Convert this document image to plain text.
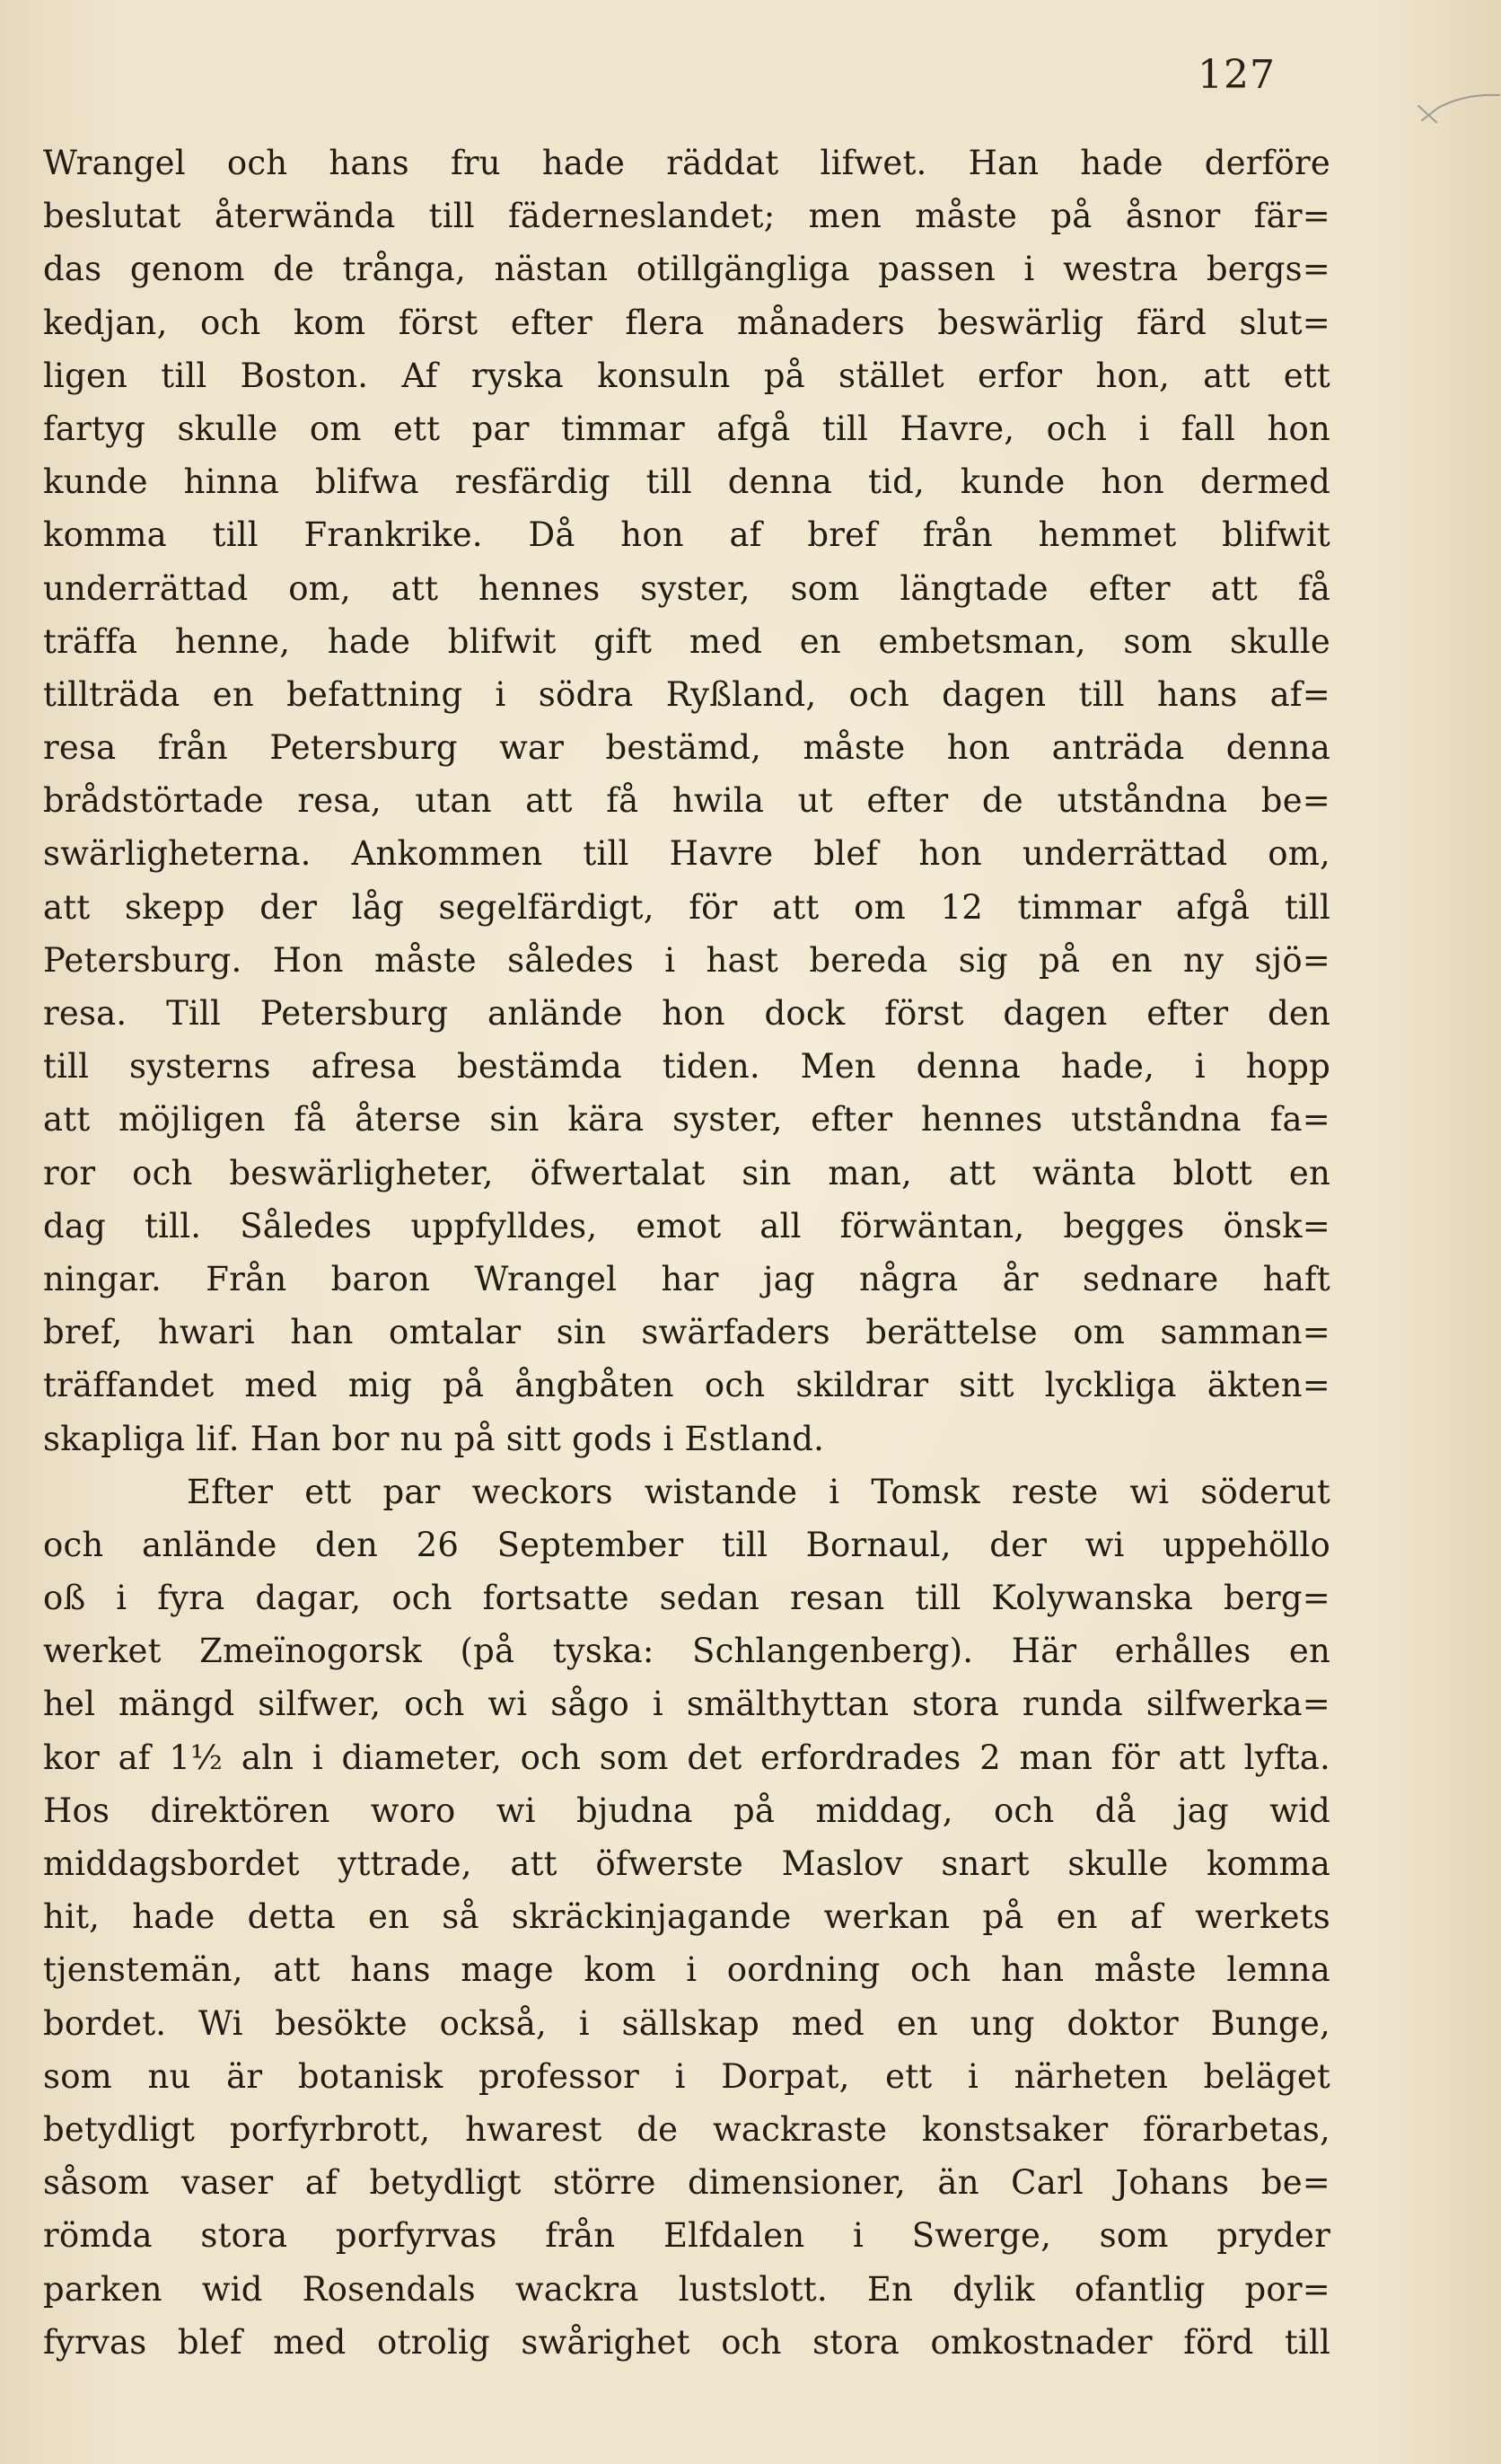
127
Wrangel och hans fru hade räddat lifwet. Han hade derföre
beslutat återwända till fäderneslandet; men måste på åsnor fär=
das genom de trånga, nästan otillgängliga passen i westra bergs=
kedjan, och kom först efter flera månaders beswärlig färd slut=
ligen till Boston. Af ryska konsuln på stället erfor hon, att ett
fartyg skulle om ett par timmar afgå till Havre, och i fall hon
kunde hinna blifwa resfärdig till denna tid, kunde hon dermed
komma till Frankrike. Då hon af bref från hemmet blifwit
underrättad om, att hennes syster, som längtade efter att få
träffa henne, hade blifwit gift med en embetsman, som skulle
tillträda en befattning i södra Ryßland, och dagen till hans af=
resa från Petersburg war bestämd, måste hon anträda denna
brådstörtade resa, utan att få hwila ut efter de utståndna be=
swärligheterna. Ankommen till Havre blef hon underrättad om,
att skepp der låg segelfärdigt, för att om 12 timmar afgå till
Petersburg. Hon måste således i hast bereda sig på en ny sjö=
resa. Till Petersburg anlände hon dock först dagen efter den
till systerns afresa bestämda tiden. Men denna hade, i hopp
att möjligen få återse sin kära syster, efter hennes utståndna fa=
ror och beswärligheter, öfwertalat sin man, att wänta blott en
dag till. Således uppfylldes, emot all förwäntan, begges önsk=
ningar. Från baron Wrangel har jag några år sednare haft
bref, hwari han omtalar sin swärfaders berättelse om samman=
träffandet med mig på ångbåten och skildrar sitt lyckliga äkten=
skapliga lif. Han bor nu på sitt gods i Estland.
Efter ett par weckors wistande i Tomsk reste wi söderut
och anlände den 26 September till Bornaul, der wi uppehöllo
oß i fyra dagar, och fortsatte sedan resan till Kolywanska berg=
werket Zmeïnogorsk (på tyska: Schlangenberg). Här erhålles en
hel mängd silfwer, och wi sågo i smälthyttan stora runda silfwerka=
kor af 1½ aln i diameter, och som det erfordrades 2 man för att lyfta.
Hos direktören woro wi bjudna på middag, och då jag wid
middagsbordet yttrade, att öfwerste Maslov snart skulle komma
hit, hade detta en så skräckinjagande werkan på en af werkets
tjenstemän, att hans mage kom i oordning och han måste lemna
bordet. Wi besökte också, i sällskap med en ung doktor Bunge,
som nu är botanisk professor i Dorpat, ett i närheten beläget
betydligt porfyrbrott, hwarest de wackraste konstsaker förarbetas,
såsom vaser af betydligt större dimensioner, än Carl Johans be=
römda stora porfyrvas från Elfdalen i Swerge, som pryder
parken wid Rosendals wackra lustslott. En dylik ofantlig por=
fyrvas blef med otrolig swårighet och stora omkostnader förd till
